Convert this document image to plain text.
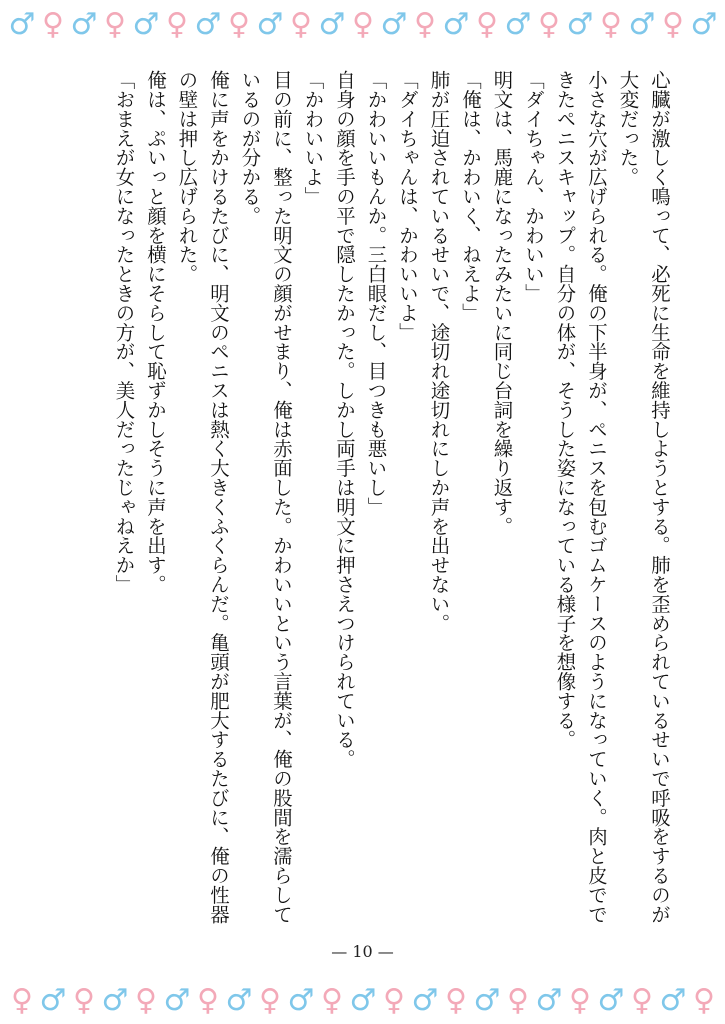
♂ ♀ ♂ ♀ ♂ ♀ ♂ ♀ ♂ ♀ ♂ ♀ ♂ ♀ ♂ ♀ ♂ ♀ ♂ ♀ ♂ ♀ ♂

心臓が激しく鳴って、必死に生命を維持しようとする。肺を歪められているせいで呼吸をするのが大変だった。

小さな穴が広げられる。俺の下半身が、ペニスを包むゴムケースのようになっていく。肉と皮でできたペニスキャップ。自分の体が、そうした姿になっている様子を想像する。

「ダイちゃん、かわいい」

明文は、馬鹿になったみたいに同じ台詞を繰り返す。

「俺は、かわいく、ねえよ」

肺が圧迫されているせいで、途切れ途切れにしか声を出せない。

「ダイちゃんは、かわいいよ」

「かわいいもんか。三白眼だし、目つきも悪いし」

自身の顔を手の平で隠したかった。しかし両手は明文に押さえつけられている。

「かわいいよ」

目の前に、整った明文の顔がせまり、俺は赤面した。かわいいという言葉が、俺の股間を濡らしているのが分かる。

俺に声をかけるたびに、明文のペニスは熱く大きくふくらんだ。亀頭が肥大するたびに、俺の性器の壁は押し広げられた。

俺は、ぷいっと顔を横にそらして恥ずかしそうに声を出す。

「おまえが女になったときの方が、美人だったじゃねえか」

— 10 —
♀ ♂ ♀ ♂ ♀ ♂ ♀ ♂ ♀ ♂ ♀ ♂ ♀ ♂ ♀ ♂ ♀ ♂ ♀ ♂ ♀ ♂ ♀
